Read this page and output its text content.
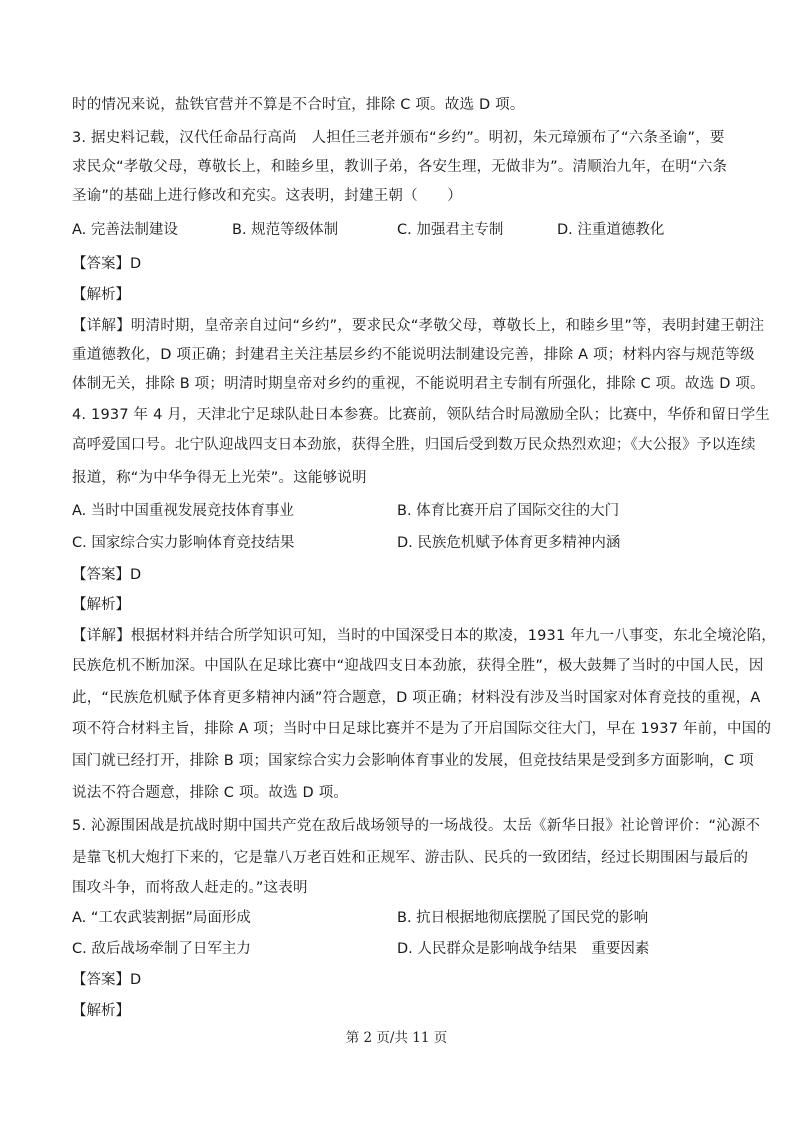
时的情况来说，盐铁官营并不算是不合时宜，排除 C 项。故选 D 项。
3. 据史料记载，汉代任命品行高尚　人担任三老并颁布“乡约”。明初，朱元璋颁布了“六条圣谕”，要
求民众“孝敬父母，尊敬长上，和睦乡里，教训子弟，各安生理，无做非为”。清顺治九年，在明“六条
圣谕”的基础上进行修改和充实。这表明，封建王朝（　　）
A. 完善法制建设	B. 规范等级体制	C. 加强君主专制	D. 注重道德教化
【答案】D
【解析】
【详解】明清时期，皇帝亲自过问“乡约”，要求民众“孝敬父母，尊敬长上，和睦乡里”等，表明封建王朝注
重道德教化，D 项正确；封建君主关注基层乡约不能说明法制建设完善，排除 A 项；材料内容与规范等级
体制无关，排除 B 项；明清时期皇帝对乡约的重视，不能说明君主专制有所强化，排除 C 项。故选 D 项。
4. 1937 年 4 月，天津北宁足球队赴日本参赛。比赛前，领队结合时局激励全队；比赛中，华侨和留日学生
高呼爱国口号。北宁队迎战四支日本劲旅，获得全胜，归国后受到数万民众热烈欢迎；《大公报》予以连续
报道，称“为中华争得无上光荣”。这能够说明
A. 当时中国重视发展竞技体育事业	B. 体育比赛开启了国际交往的大门
C. 国家综合实力影响体育竞技结果	D. 民族危机赋予体育更多精神内涵
【答案】D
【解析】
【详解】根据材料并结合所学知识可知，当时的中国深受日本的欺凌，1931 年九一八事变，东北全境沦陷，
民族危机不断加深。中国队在足球比赛中“迎战四支日本劲旅，获得全胜”，极大鼓舞了当时的中国人民，因
此，“民族危机赋予体育更多精神内涵”符合题意，D 项正确；材料没有涉及当时国家对体育竞技的重视，A
项不符合材料主旨，排除 A 项；当时中日足球比赛并不是为了开启国际交往大门，早在 1937 年前，中国的
国门就已经打开，排除 B 项；国家综合实力会影响体育事业的发展，但竞技结果是受到多方面影响，C 项
说法不符合题意，排除 C 项。故选 D 项。
5. 沁源围困战是抗战时期中国共产党在敌后战场领导的一场战役。太岳《新华日报》社论曾评价：“沁源不
是靠飞机大炮打下来的，它是靠八万老百姓和正规军、游击队、民兵的一致团结，经过长期围困与最后的
围攻斗争，而将敌人赶走的。”这表明
A. “工农武装割据”局面形成	B. 抗日根据地彻底摆脱了国民党的影响
C. 敌后战场牵制了日军主力	D. 人民群众是影响战争结果　重要因素
【答案】D
【解析】
第 2 页/共 11 页
